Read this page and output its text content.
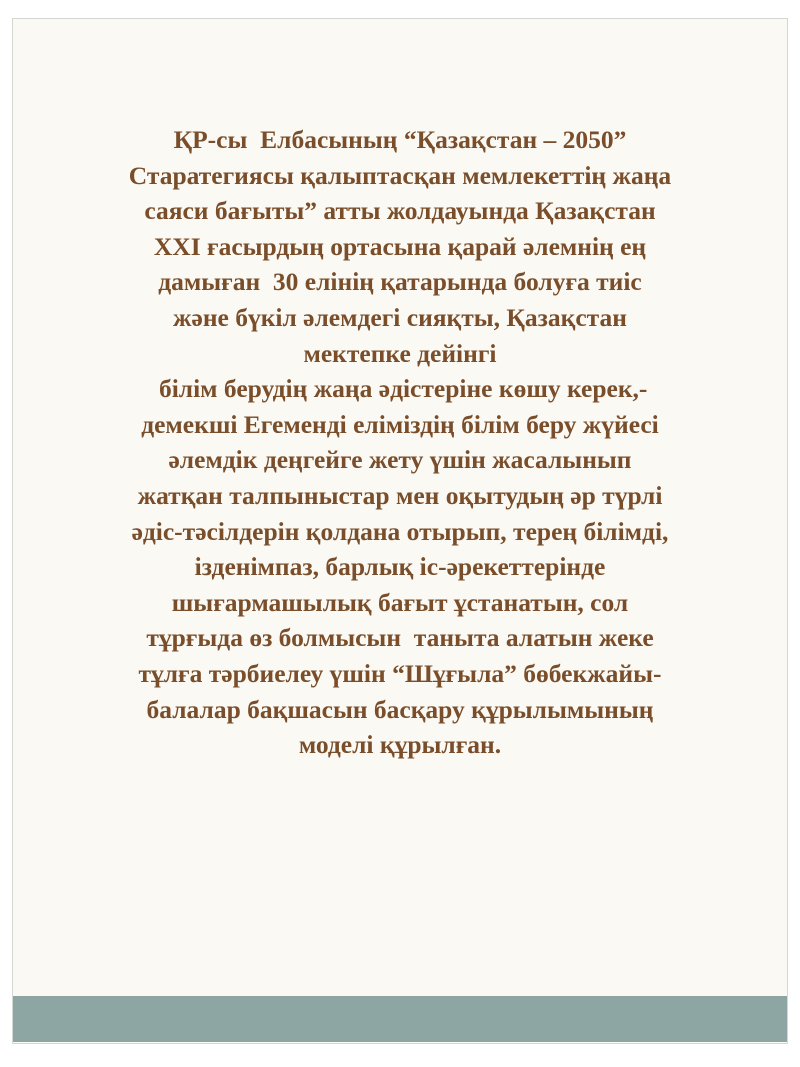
ҚР-сы  Елбасының “Қазақстан – 2050”
Старатегиясы қалыптасқан мемлекеттің жаңа
саяси бағыты” атты жолдауында Қазақстан
XXI ғасырдың ортасына қарай әлемнің ең
дамыған  30 елінің қатарында болуға тиіс
және бүкіл әлемдегі сияқты, Қазақстан
мектепке дейінгі
білім берудің жаңа әдістеріне көшу керек,-
демекші Егеменді еліміздің білім беру жүйесі
әлемдік деңгейге жету үшін жасалынып
жатқан талпыныстар мен оқытудың әр түрлі
әдіс-тәсілдерін қолдана отырып, терең білімді,
ізденімпаз, барлық іс-әрекеттерінде
шығармашылық бағыт ұстанатын, сол
тұрғыда өз болмысын  таныта алатын жеке
тұлға тәрбиелеу үшін “Шұғыла” бөбекжайы-
балалар бақшасын басқару құрылымының
моделі құрылған.
